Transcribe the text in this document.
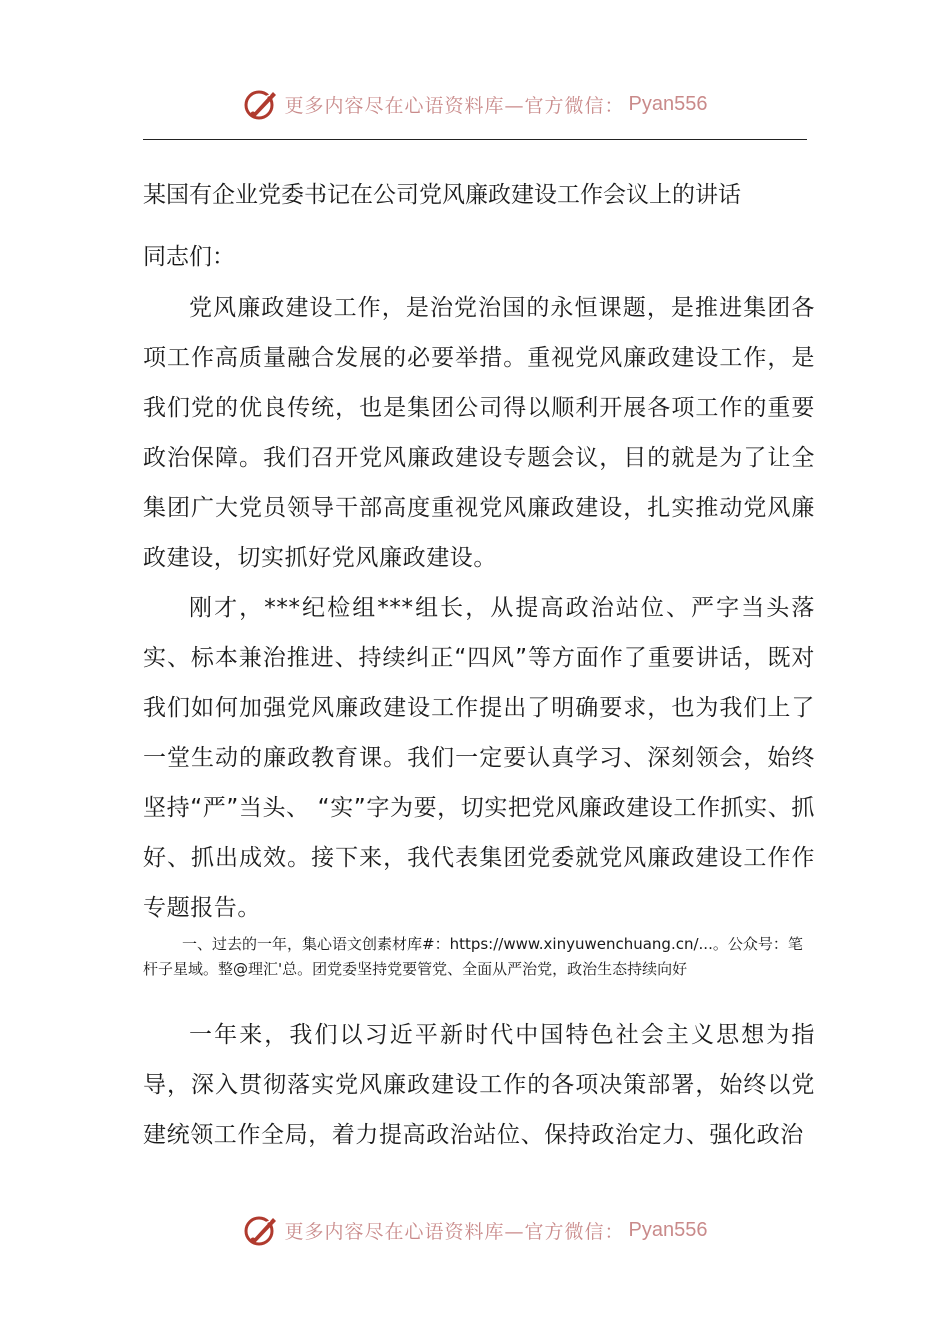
更多内容尽在心语资料库—官方微信： Pyan556
某国有企业党委书记在公司党风廉政建设工作会议上的讲话
同志们：

党风廉政建设工作，是治党治国的永恒课题，是推进集团各项工作高质量融合发展的必要举措。重视党风廉政建设工作，是我们党的优良传统，也是集团公司得以顺利开展各项工作的重要政治保障。我们召开党风廉政建设专题会议，目的就是为了让全集团广大党员领导干部高度重视党风廉政建设，扎实推动党风廉政建设，切实抓好党风廉政建设。

刚才，***纪检组***组长，从提高政治站位、严字当头落实、标本兼治推进、持续纠正“四风”等方面作了重要讲话，既对我们如何加强党风廉政建设工作提出了明确要求，也为我们上了一堂生动的廉政教育课。我们一定要认真学习、深刻领会，始终坚持“严”当头、 “实”字为要，切实把党风廉政建设工作抓实、抓好、抓出成效。接下来，我代表集团党委就党风廉政建设工作作专题报告。

一、过去的一年，集心语文创素材库#：https://www.xinyuwenchuang.cn/...。公众号：笔杆子星域。整@理汇'总。团党委坚持党要管党、全面从严治党，政治生态持续向好

一年来，我们以习近平新时代中国特色社会主义思想为指导，深入贯彻落实党风廉政建设工作的各项决策部署，始终以党建统领工作全局，着力提高政治站位、保持政治定力、强化政治

更多内容尽在心语资料库—官方微信： Pyan556
